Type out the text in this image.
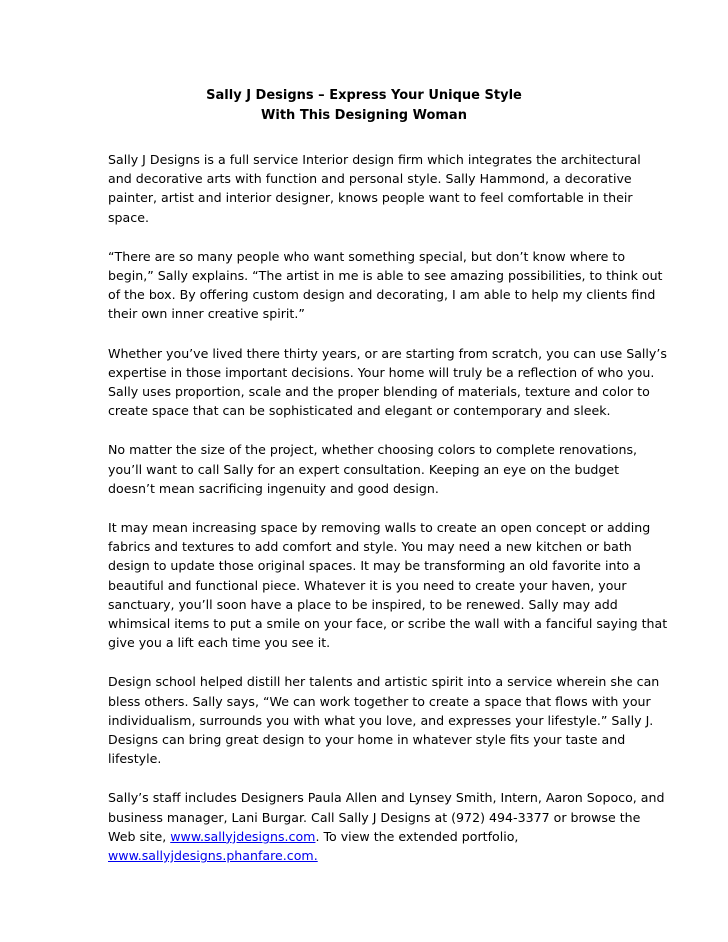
Sally J Designs – Express Your Unique Style
With This Designing Woman

Sally J Designs is a full service Interior design firm which integrates the architectural
and decorative arts with function and personal style. Sally Hammond, a decorative
painter, artist and interior designer, knows people want to feel comfortable in their
space.

“There are so many people who want something special, but don’t know where to
begin,” Sally explains. “The artist in me is able to see amazing possibilities, to think out
of the box. By offering custom design and decorating, I am able to help my clients find
their own inner creative spirit.”

Whether you’ve lived there thirty years, or are starting from scratch, you can use Sally’s
expertise in those important decisions. Your home will truly be a reflection of who you.
Sally uses proportion, scale and the proper blending of materials, texture and color to
create space that can be sophisticated and elegant or contemporary and sleek.

No matter the size of the project, whether choosing colors to complete renovations,
you’ll want to call Sally for an expert consultation. Keeping an eye on the budget
doesn’t mean sacrificing ingenuity and good design.

It may mean increasing space by removing walls to create an open concept or adding
fabrics and textures to add comfort and style. You may need a new kitchen or bath
design to update those original spaces. It may be transforming an old favorite into a
beautiful and functional piece. Whatever it is you need to create your haven, your
sanctuary, you’ll soon have a place to be inspired, to be renewed. Sally may add
whimsical items to put a smile on your face, or scribe the wall with a fanciful saying that
give you a lift each time you see it.

Design school helped distill her talents and artistic spirit into a service wherein she can
bless others. Sally says, “We can work together to create a space that flows with your
individualism, surrounds you with what you love, and expresses your lifestyle.” Sally J.
Designs can bring great design to your home in whatever style fits your taste and
lifestyle.

Sally’s staff includes Designers Paula Allen and Lynsey Smith, Intern, Aaron Sopoco, and
business manager, Lani Burgar. Call Sally J Designs at (972) 494-3377 or browse the
Web site, www.sallyjdesigns.com. To view the extended portfolio,
www.sallyjdesigns.phanfare.com.
